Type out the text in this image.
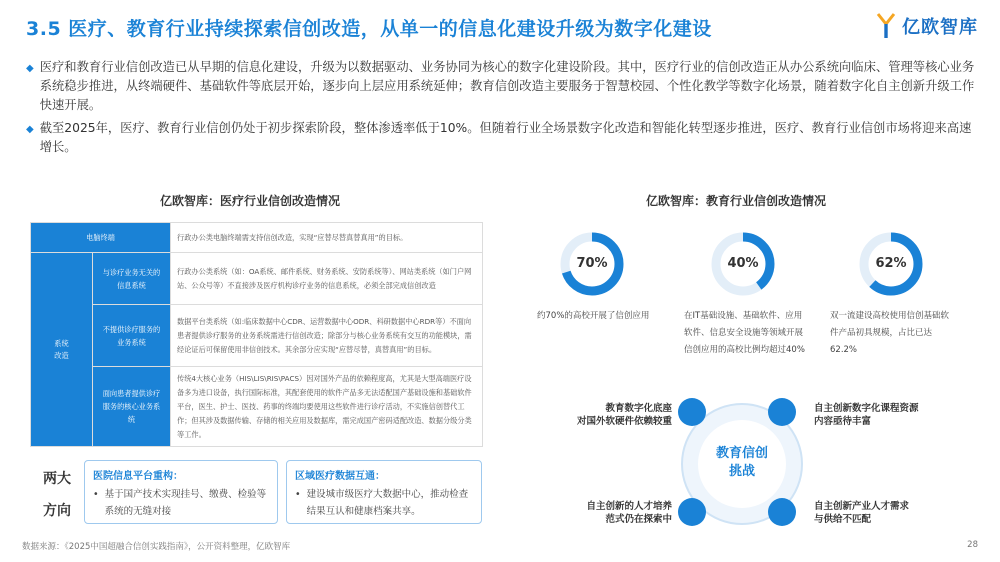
3.5 医疗、教育行业持续探索信创改造，从单一的信息化建设升级为数字化建设	亿欧智库
◆ 医疗和教育行业信创改造已从早期的信息化建设，升级为以数据驱动、业务协同为核心的数字化建设阶段。其中，医疗行业的信创改造正从办公系统向临床、管理等核心业务系统稳步推进，从终端硬件、基础软件等底层开始，逐步向上层应用系统延伸；教育信创改造主要服务于智慧校园、个性化教学等数字化场景，随着数字化自主创新升级工作快速开展。
◆ 截至2025年，医疗、教育行业信创仍处于初步探索阶段，整体渗透率低于10%。但随着行业全场景数字化改造和智能化转型逐步推进，医疗、教育行业信创市场将迎来高速增长。
亿欧智库：医疗行业信创改造情况
电脑终端		行政办公类电脑终端需支持信创改造，实现“应替尽替真替真用”的目标。
系统
改造	与诊疗业务无关的信息系统	行政办公类系统（如：OA系统、邮件系统、财务系统、安防系统等）、网站类系统（如门户网站、公众号等）不直接涉及医疗机构诊疗业务的信息系统，必须全部完成信创改造
	不提供诊疗服务的业务系统	数据平台类系统（如:临床数据中心CDR、运营数据中心ODR、科研数据中心RDR等）不面向患者提供诊疗服务的业务系统需进行信创改造；除部分与核心业务系统有交互的功能模块，需经论证后可保留使用非信创技术。其余部分应实现“应替尽替，真替真用”的目标。
	面向患者提供诊疗服务的核心业务系统	传统4大核心业务（HIS\LIS\RIS\PACS）因对国外产品的依赖程度高，尤其是大型高端医疗设备多为进口设备，执行国际标准，其配套使用的软件产品多无法适配国产基础设施和基础软件平台，医生、护士、医技、药事的终端均要使用这些软件进行诊疗活动，不实施信创替代工作；但其涉及数据传输、存储的相关应用及数据库，需完成国产密码适配改造、数据分级分类等工作。
两大
方向
医院信息平台重构：
• 基于国产技术实现挂号、缴费、检验等系统的无缝对接
区域医疗数据互通：
• 建设城市级医疗大数据中心，推动检查结果互认和健康档案共享。
亿欧智库：教育行业信创改造情况
70%
约70%的高校开展了信创应用
40%
在IT基础设施、基础软件、应用软件、信息安全设施等领域开展信创应用的高校比例均超过40%
62%
双一流建设高校使用信创基础软件产品初具规模，占比已达62.2%
教育信创
挑战
教育数字化底座
对国外软硬件依赖较重
自主创新数字化课程资源
内容亟待丰富
自主创新的人才培养
范式仍在探索中
自主创新产业人才需求
与供给不匹配
数据来源：《2025中国超融合信创实践指南》，公开资料整理，亿欧智库	28
